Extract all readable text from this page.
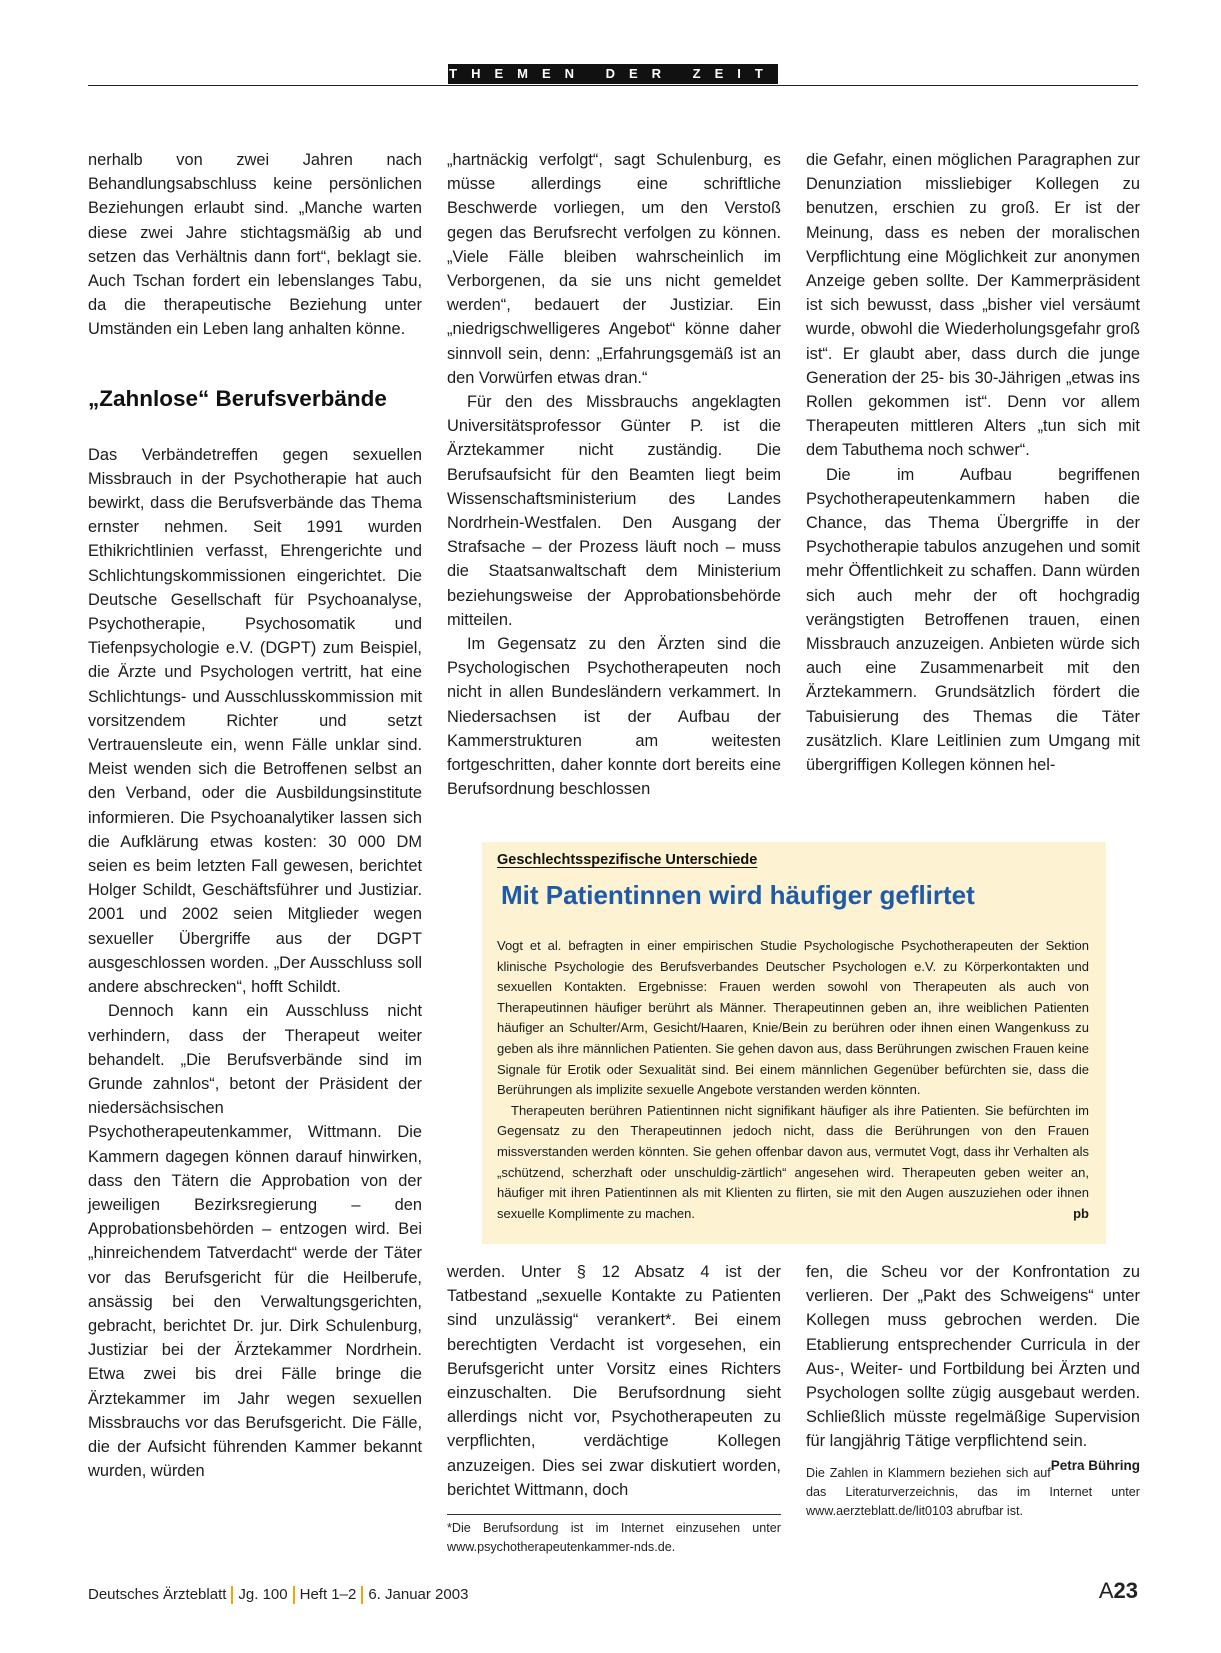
THEMEN DER ZEIT

nerhalb von zwei Jahren nach Behandlungsabschluss keine persönlichen Beziehungen erlaubt sind. „Manche warten diese zwei Jahre stichtagsmäßig ab und setzen das Verhältnis dann fort“, beklagt sie. Auch Tschan fordert ein lebenslanges Tabu, da die therapeutische Beziehung unter Umständen ein Leben lang anhalten könne.

„Zahnlose“ Berufsverbände

Das Verbändetreffen gegen sexuellen Missbrauch in der Psychotherapie hat auch bewirkt, dass die Berufsverbände das Thema ernster nehmen. Seit 1991 wurden Ethikrichtlinien verfasst, Ehrengerichte und Schlichtungskommissionen eingerichtet. Die Deutsche Gesellschaft für Psychoanalyse, Psychotherapie, Psychosomatik und Tiefenpsychologie e.V. (DGPT) zum Beispiel, die Ärzte und Psychologen vertritt, hat eine Schlichtungs- und Ausschlusskommission mit vorsitzendem Richter und setzt Vertrauensleute ein, wenn Fälle unklar sind. Meist wenden sich die Betroffenen selbst an den Verband, oder die Ausbildungsinstitute informieren. Die Psychoanalytiker lassen sich die Aufklärung etwas kosten: 30 000 DM seien es beim letzten Fall gewesen, berichtet Holger Schildt, Geschäftsführer und Justiziar. 2001 und 2002 seien Mitglieder wegen sexueller Übergriffe aus der DGPT ausgeschlossen worden. „Der Ausschluss soll andere abschrecken“, hofft Schildt.

Dennoch kann ein Ausschluss nicht verhindern, dass der Therapeut weiter behandelt. „Die Berufsverbände sind im Grunde zahnlos“, betont der Präsident der niedersächsischen Psychotherapeutenkammer, Wittmann. Die Kammern dagegen können darauf hinwirken, dass den Tätern die Approbation von der jeweiligen Bezirksregierung – den Approbationsbehörden – entzogen wird. Bei „hinreichendem Tatverdacht“ werde der Täter vor das Berufsgericht für die Heilberufe, ansässig bei den Verwaltungsgerichten, gebracht, berichtet Dr. jur. Dirk Schulenburg, Justiziar bei der Ärztekammer Nordrhein. Etwa zwei bis drei Fälle bringe die Ärztekammer im Jahr wegen sexuellen Missbrauchs vor das Berufsgericht. Die Fälle, die der Aufsicht führenden Kammer bekannt wurden, würden

„hartnäckig verfolgt“, sagt Schulenburg, es müsse allerdings eine schriftliche Beschwerde vorliegen, um den Verstoß gegen das Berufsrecht verfolgen zu können. „Viele Fälle bleiben wahrscheinlich im Verborgenen, da sie uns nicht gemeldet werden“, bedauert der Justiziar. Ein „niedrigschwelligeres Angebot“ könne daher sinnvoll sein, denn: „Erfahrungsgemäß ist an den Vorwürfen etwas dran.“

Für den des Missbrauchs angeklagten Universitätsprofessor Günter P. ist die Ärztekammer nicht zuständig. Die Berufsaufsicht für den Beamten liegt beim Wissenschaftsministerium des Landes Nordrhein-Westfalen. Den Ausgang der Strafsache – der Prozess läuft noch – muss die Staatsanwaltschaft dem Ministerium beziehungsweise der Approbationsbehörde mitteilen.

Im Gegensatz zu den Ärzten sind die Psychologischen Psychotherapeuten noch nicht in allen Bundesländern verkammert. In Niedersachsen ist der Aufbau der Kammerstrukturen am weitesten fortgeschritten, daher konnte dort bereits eine Berufsordnung beschlossen

die Gefahr, einen möglichen Paragraphen zur Denunziation missliebiger Kollegen zu benutzen, erschien zu groß. Er ist der Meinung, dass es neben der moralischen Verpflichtung eine Möglichkeit zur anonymen Anzeige geben sollte. Der Kammerpräsident ist sich bewusst, dass „bisher viel versäumt wurde, obwohl die Wiederholungsgefahr groß ist“. Er glaubt aber, dass durch die junge Generation der 25- bis 30-Jährigen „etwas ins Rollen gekommen ist“. Denn vor allem Therapeuten mittleren Alters „tun sich mit dem Tabuthema noch schwer“.

Die im Aufbau begriffenen Psychotherapeutenkammern haben die Chance, das Thema Übergriffe in der Psychotherapie tabulos anzugehen und somit mehr Öffentlichkeit zu schaffen. Dann würden sich auch mehr der oft hochgradig verängstigten Betroffenen trauen, einen Missbrauch anzuzeigen. Anbieten würde sich auch eine Zusammenarbeit mit den Ärztekammern. Grundsätzlich fördert die Tabuisierung des Themas die Täter zusätzlich. Klare Leitlinien zum Umgang mit übergriffigen Kollegen können hel-

Geschlechtsspezifische Unterschiede
Mit Patientinnen wird häufiger geflirtet

Vogt et al. befragten in einer empirischen Studie Psychologische Psychotherapeuten der Sektion klinische Psychologie des Berufsverbandes Deutscher Psychologen e.V. zu Körperkontakten und sexuellen Kontakten. Ergebnisse: Frauen werden sowohl von Therapeuten als auch von Therapeutinnen häufiger berührt als Männer. Therapeutinnen geben an, ihre weiblichen Patienten häufiger an Schulter/Arm, Gesicht/Haaren, Knie/Bein zu berühren oder ihnen einen Wangenkuss zu geben als ihre männlichen Patienten. Sie gehen davon aus, dass Berührungen zwischen Frauen keine Signale für Erotik oder Sexualität sind. Bei einem männlichen Gegenüber befürchten sie, dass die Berührungen als implizite sexuelle Angebote verstanden werden könnten.

Therapeuten berühren Patientinnen nicht signifikant häufiger als ihre Patienten. Sie befürchten im Gegensatz zu den Therapeutinnen jedoch nicht, dass die Berührungen von den Frauen missverstanden werden könnten. Sie gehen offenbar davon aus, vermutet Vogt, dass ihr Verhalten als „schützend, scherzhaft oder unschuldig-zärtlich“ angesehen wird. Therapeuten geben weiter an, häufiger mit ihren Patientinnen als mit Klienten zu flirten, sie mit den Augen auszuziehen oder ihnen sexuelle Komplimente zu machen.	pb

werden. Unter § 12 Absatz 4 ist der Tatbestand „sexuelle Kontakte zu Patienten sind unzulässig“ verankert*. Bei einem berechtigten Verdacht ist vorgesehen, ein Berufsgericht unter Vorsitz eines Richters einzuschalten. Die Berufsordnung sieht allerdings nicht vor, Psychotherapeuten zu verpflichten, verdächtige Kollegen anzuzeigen. Dies sei zwar diskutiert worden, berichtet Wittmann, doch

*Die Berufsordung ist im Internet einzusehen unter www.psychotherapeutenkammer-nds.de.

fen, die Scheu vor der Konfrontation zu verlieren. Der „Pakt des Schweigens“ unter Kollegen muss gebrochen werden. Die Etablierung entsprechender Curricula in der Aus-, Weiter- und Fortbildung bei Ärzten und Psychologen sollte zügig ausgebaut werden. Schließlich müsste regelmäßige Supervision für langjährig Tätige verpflichtend sein.
Petra Bühring

Die Zahlen in Klammern beziehen sich auf das Literaturverzeichnis, das im Internet unter www.aerzteblatt.de/lit0103 abrufbar ist.
Deutsches Ärzteblatt Jg. 100 Heft 1–2 6. Januar 2003	A23
